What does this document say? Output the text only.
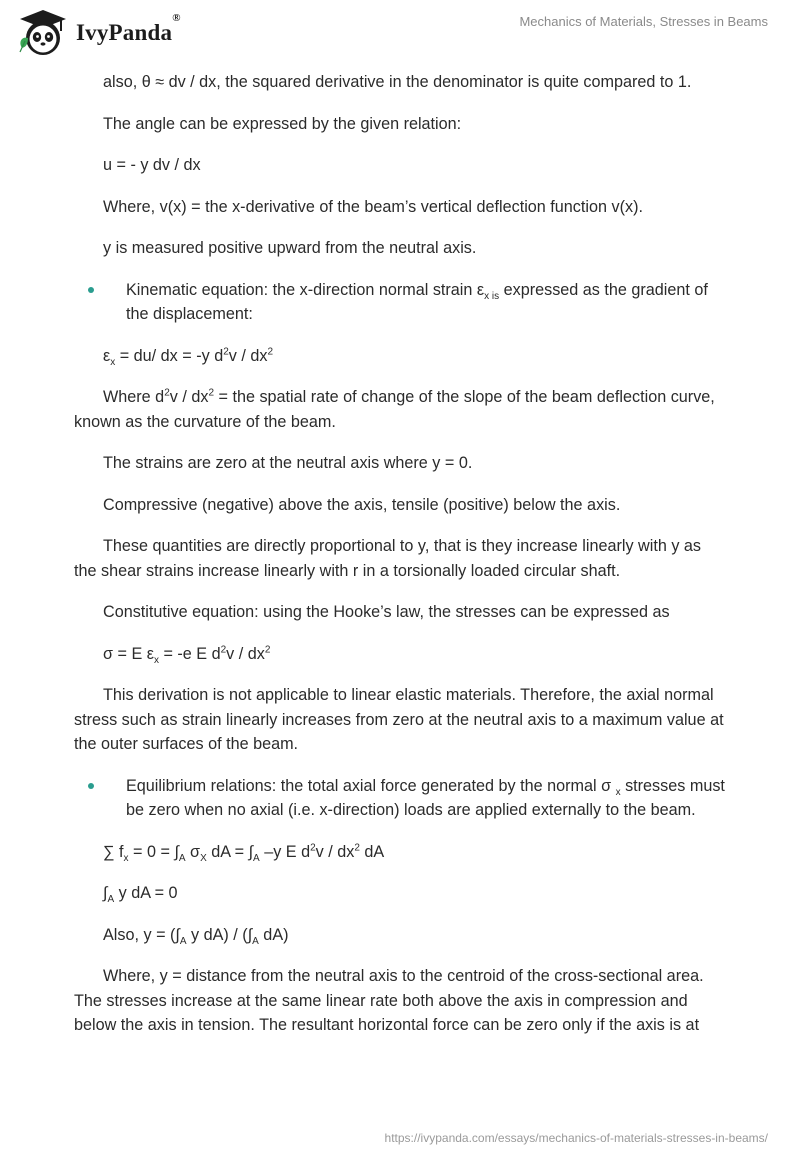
IvyPanda®	Mechanics of Materials, Stresses in Beams

also, θ ≈ dv / dx, the squared derivative in the denominator is quite compared to 1.

The angle can be expressed by the given relation:

u = - y dv / dx

Where, v(x) = the x-derivative of the beam’s vertical deflection function v(x).

y is measured positive upward from the neutral axis.

Kinematic equation: the x-direction normal strain $\varepsilon_{x is}$ expressed as the gradient of the displacement:

$\varepsilon_x = du/$ dx = -y $d^2v / dx^2$

Where $d^2v / dx^2$ = the spatial rate of change of the slope of the beam deflection curve, known as the curvature of the beam.

The strains are zero at the neutral axis where y = 0.

Compressive (negative) above the axis, tensile (positive) below the axis.

These quantities are directly proportional to y, that is they increase linearly with y as the shear strains increase linearly with r in a torsionally loaded circular shaft.

Constitutive equation: using the Hooke’s law, the stresses can be expressed as

σ = E $\varepsilon_x = -e$ E $d^2v / dx^2$

This derivation is not applicable to linear elastic materials. Therefore, the axial normal stress such as strain linearly increases from zero at the neutral axis to a maximum value at the outer surfaces of the beam.

Equilibrium relations: the total axial force generated by the normal σ $_x$ stresses must be zero when no axial (i.e. x-direction) loads are applied externally to the beam.

∑ $f_x = 0 = \int_A$ $\sigma_X$ dA = $\int_A$ –y E $d^2v / dx^2$ dA

$\int_A$ y dA = 0

Also, $y = (\int_A$ y $dA) / (\int_A$ dA)

Where, y = distance from the neutral axis to the centroid of the cross-sectional area. The stresses increase at the same linear rate both above the axis in compression and below the axis in tension. The resultant horizontal force can be zero only if the axis is at

https://ivypanda.com/essays/mechanics-of-materials-stresses-in-beams/
